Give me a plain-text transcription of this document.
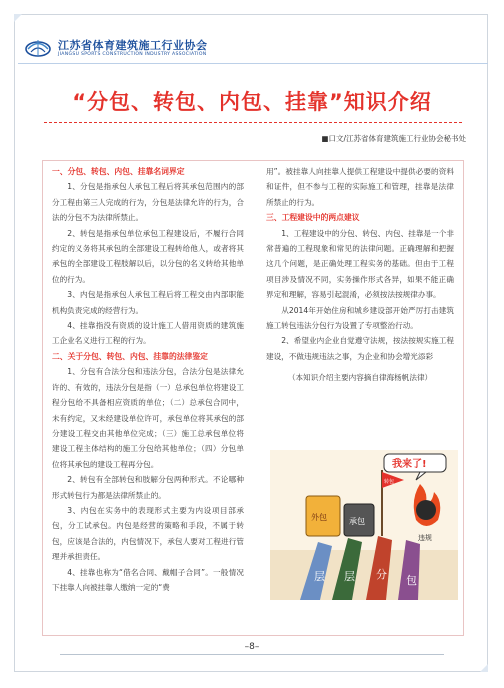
江苏省体育建筑施工行业协会
JIANGSU SPORTS CONSTRUCTION INDUSTRY ASSOCIATION
“分包、转包、内包、挂靠”知识介绍
■口文/江苏省体育建筑施工行业协会秘书处
一、分包、转包、内包、挂靠名词界定

1、分包是指承包人承包工程后将其承包范围内的部分工程由第三人完成的行为，分包是法律允许的行为，合法的分包不为法律所禁止。

2、转包是指承包单位承包工程建设后，不履行合同约定的义务将其承包的全部建设工程转给他人，或者将其承包的全部建设工程肢解以后，以分包的名义转给其他单位的行为。

3、内包是指承包人承包工程后将工程交由内部职能机构负责完成的经营行为。

4、挂靠指没有资质的设计施工人借用资质的建筑施工企业名义进行工程的行为。

二、关于分包、转包、内包、挂靠的法律鉴定

1、分包有合法分包和违法分包，合法分包是法律允许的、有效的，违法分包是指（一）总承包单位将建设工程分包给不具备相应资质的单位；（二）总承包合同中，未有约定，又未经建设单位许可，承包单位将其承包的部分建设工程交由其他单位完成；（三）施工总承包单位将建设工程主体结构的施工分包给其他单位；（四）分包单位将其承包的建设工程再分包。

2、转包有全部转包和肢解分包两种形式。不论哪种形式转包行为都是法律所禁止的。

3、内包在实务中的表现形式主要为内设项目部承包，分工试承包。内包是经营的策略和手段，不属于转包，应该是合法的，内包情况下，承包人要对工程进行管理并承担责任。

4、挂靠也称为“借名合同、戴帽子合同”。一般情况下挂靠人向被挂靠人缴纳一定的“费

用”。被挂靠人向挂靠人提供工程建设中提供必要的资料和证件，但不参与工程的实际施工和管理，挂靠是法律所禁止的行为。

三、工程建设中的两点建议

1、工程建设中的分包、转包、内包、挂靠是一个非常普遍的工程现象和常见的法律问题。正确理解和把握这几个问题，是正确处理工程实务的基础。但由于工程项目涉及情况不同，实务操作形式各异，如果不能正确界定和理解，容易引起混淆，必须按法按规律办事。

从2014年开始住房和城乡建设部开始严厉打击建筑施工转包违法分包行为设置了专项整治行动。

2、希望业内企业自觉遵守法规，按法按规实施工程建设，不做违规违法之事，为企业和协会增光添彩

（本知识介绍主要内容摘自律海杨帆法律）

层 层 分 包
外包	承包
转包
违规
我来了!
–8–
